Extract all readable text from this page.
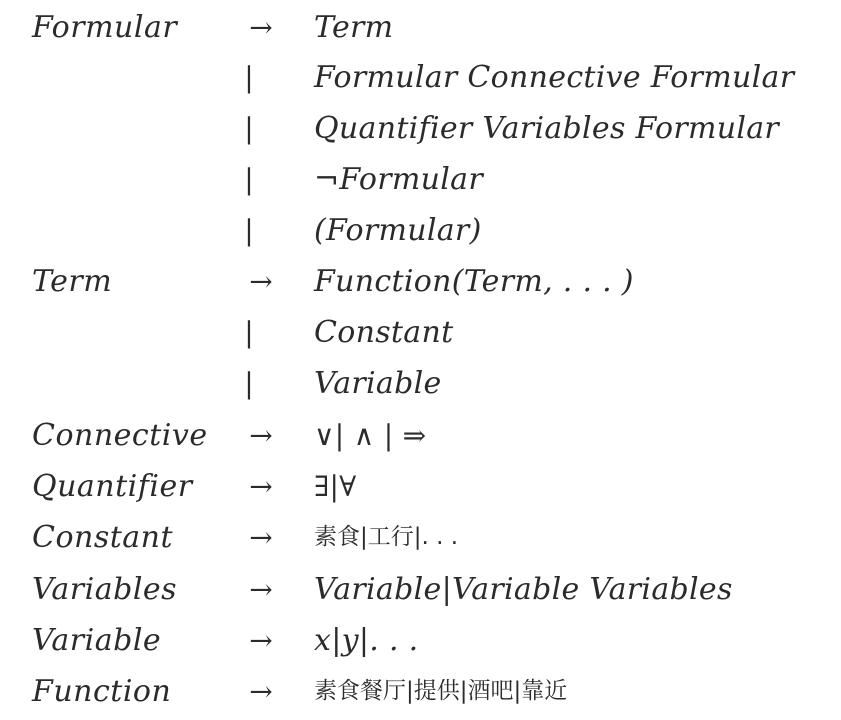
Formular	→ Term
|	Formular Connective Formular
|	Quantifier Variables Formular
|	¬Formular
|	(Formular)
Term	→ Function(Term, . . . )
|	Constant
|	Variable
Connective → ∨| ∧ | ⇒
Quantifier → ∃|∀
Constant	→ 素食|工行|. . .
Variables	→ Variable|Variable Variables
Variable	→ x|y|. . .
Function	→ 素食餐厅|提供|酒吧|靠近
